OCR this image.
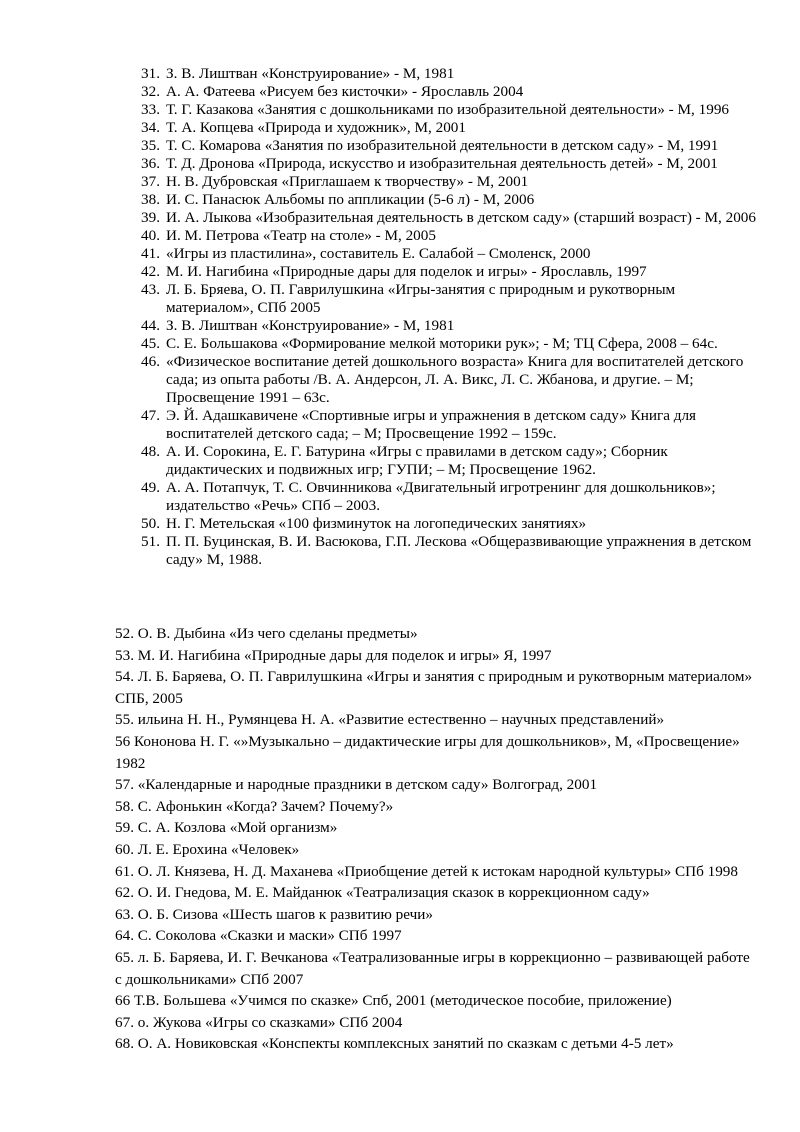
31. З. В. Лиштван «Конструирование» - М, 1981
32. А. А. Фатеева «Рисуем без кисточки» - Ярославль 2004
33. Т. Г. Казакова «Занятия с дошкольниками по изобразительной деятельности» - М, 1996
34. Т. А. Копцева «Природа и художник», М, 2001
35. Т. С. Комарова «Занятия по изобразительной деятельности в детском саду» - М, 1991
36. Т. Д. Дронова «Природа, искусство и изобразительная деятельность детей» - М, 2001
37. Н. В. Дубровская «Приглашаем к творчеству» - М, 2001
38. И. С. Панасюк Альбомы по аппликации (5-6 л) - М, 2006
39. И. А. Лыкова «Изобразительная деятельность в детском саду» (старший возраст) - М, 2006
40. И. М. Петрова «Театр на столе» - М, 2005
41. «Игры из пластилина», составитель Е. Салабой – Смоленск, 2000
42. М. И. Нагибина «Природные дары для поделок и игры» - Ярославль, 1997
43. Л. Б. Бряева, О. П. Гаврилушкина «Игры-занятия с природным и рукотворным материалом», СПб 2005
44. З. В. Лиштван «Конструирование» - М, 1981
45. С. Е. Большакова «Формирование мелкой моторики рук»; - М; ТЦ Сфера, 2008 – 64с.
46. «Физическое воспитание детей дошкольного возраста» Книга для воспитателей детского сада; из опыта работы /В. А. Андерсон, Л. А. Викс, Л. С. Жбанова, и другие. – М; Просвещение 1991 – 63с.
47. Э. Й. Адашкавичене «Спортивные игры и упражнения в детском саду» Книга для воспитателей детского сада; – М; Просвещение 1992 – 159с.
48. А. И. Сорокина, Е. Г. Батурина «Игры с правилами в детском саду»; Сборник дидактических и подвижных игр; ГУПИ; – М; Просвещение 1962.
49. А. А. Потапчук, Т. С. Овчинникова «Двигательный игротренинг для дошкольников»; издательство «Речь» СПб – 2003.
50. Н. Г. Метельская «100 физминуток на логопедических занятиях»
51. П. П. Буцинская, В. И. Васюкова, Г.П. Лескова «Общеразвивающие упражнения в детском саду» М, 1988.
52. О. В. Дыбина «Из чего сделаны предметы»
53. М. И. Нагибина «Природные дары для поделок и игры» Я, 1997
54. Л. Б. Баряева, О. П. Гаврилушкина «Игры и занятия с природным и рукотворным материалом» СПБ, 2005
55. ильина Н. Н., Румянцева Н. А. «Развитие естественно – научных представлений»
56 Кононова Н. Г. «»Музыкально – дидактические игры для дошкольников», М, «Просвещение» 1982
57. «Календарные и народные праздники в детском саду» Волгоград, 2001
58. С. Афонькин «Когда? Зачем? Почему?»
59. С. А. Козлова «Мой организм»
60. Л. Е. Ерохина «Человек»
61. О. Л. Князева, Н. Д. Маханева «Приобщение детей к истокам народной культуры» СПб 1998
62. О. И. Гнедова, М. Е. Майданюк «Театрализация сказок в коррекционном саду»
63. О. Б. Сизова «Шесть шагов к развитию речи»
64. С. Соколова «Сказки и маски» СПб 1997
65. л. Б. Баряева, И. Г. Вечканова «Театрализованные игры в коррекционно – развивающей работе с дошкольниками» СПб 2007
66 Т.В. Большева «Учимся по сказке» Спб, 2001 (методическое пособие, приложение)
67. о. Жукова «Игры со сказками» СПб 2004
68. О. А. Новиковская «Конспекты комплексных занятий по сказкам с детьми 4-5 лет»
